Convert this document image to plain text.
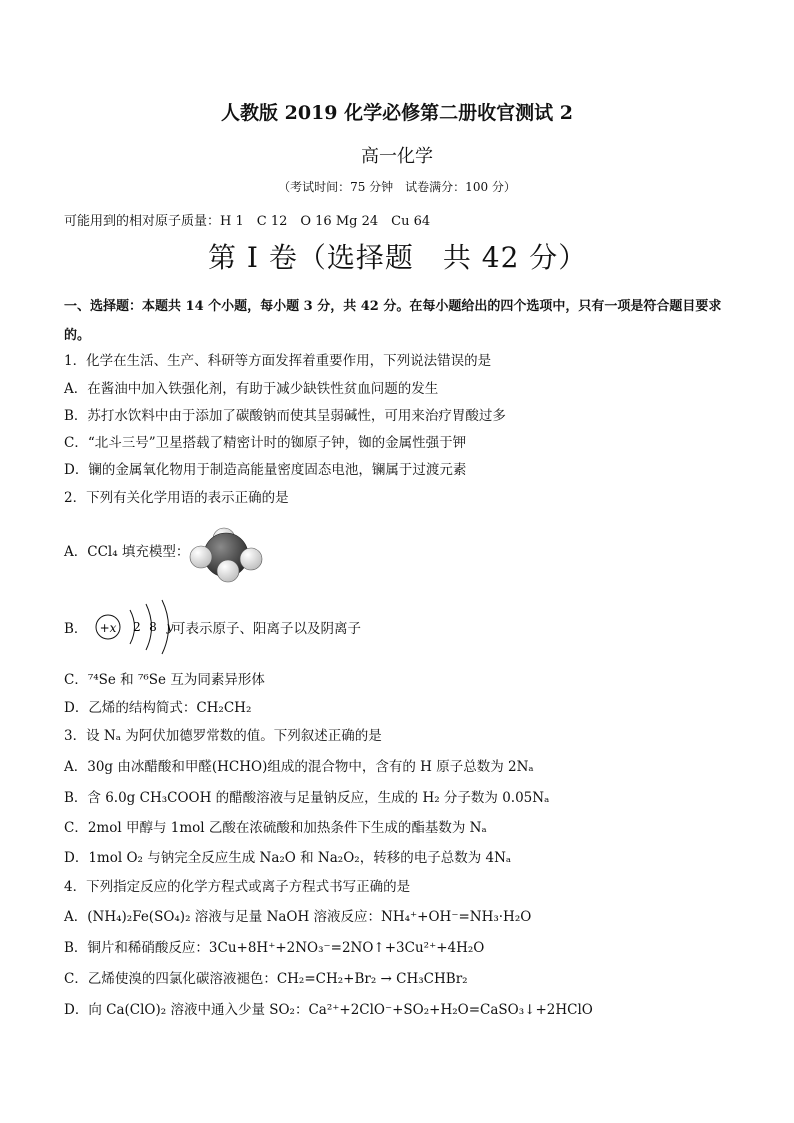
人教版 2019 化学必修第二册收官测试 2
高一化学
（考试时间：75 分钟　试卷满分：100 分）
可能用到的相对原子质量：H 1　C 12　O 16 Mg 24　Cu 64
第 I 卷（选择题　共 42 分）
一、选择题：本题共 14 个小题，每小题 3 分，共 42 分。在每小题给出的四个选项中，只有一项是符合题目要求的。
1．化学在生活、生产、科研等方面发挥着重要作用，下列说法错误的是
A．在酱油中加入铁强化剂，有助于减少缺铁性贫血问题的发生
B．苏打水饮料中由于添加了碳酸钠而使其呈弱碱性，可用来治疗胃酸过多
C．“北斗三号”卫星搭载了精密计时的铷原子钟，铷的金属性强于钾
D．镧的金属氧化物用于制造高能量密度固态电池，镧属于过渡元素
2．下列有关化学用语的表示正确的是
A．CCl₄ 填充模型：
B． +x 2 8 y
可表示原子、阳离子以及阴离子
C．⁷⁴Se 和 ⁷⁶Se 互为同素异形体
D．乙烯的结构简式：CH₂CH₂
3．设 Nₐ 为阿伏加德罗常数的值。下列叙述正确的是
A．30g 由冰醋酸和甲醛(HCHO)组成的混合物中，含有的 H 原子总数为 2Nₐ
B．含 6.0g CH₃COOH 的醋酸溶液与足量钠反应，生成的 H₂ 分子数为 0.05Nₐ
C．2mol 甲醇与 1mol 乙酸在浓硫酸和加热条件下生成的酯基数为 Nₐ
D．1mol O₂ 与钠完全反应生成 Na₂O 和 Na₂O₂，转移的电子总数为 4Nₐ
4．下列指定反应的化学方程式或离子方程式书写正确的是
A．(NH₄)₂Fe(SO₄)₂ 溶液与足量 NaOH 溶液反应：NH₄⁺+OH⁻=NH₃·H₂O
B．铜片和稀硝酸反应：3Cu+8H⁺+2NO₃⁻=2NO↑+3Cu²⁺+4H₂O
C．乙烯使溴的四氯化碳溶液褪色：CH₂=CH₂+Br₂ → CH₃CHBr₂
D．向 Ca(ClO)₂ 溶液中通入少量 SO₂：Ca²⁺+2ClO⁻+SO₂+H₂O=CaSO₃↓+2HClO
